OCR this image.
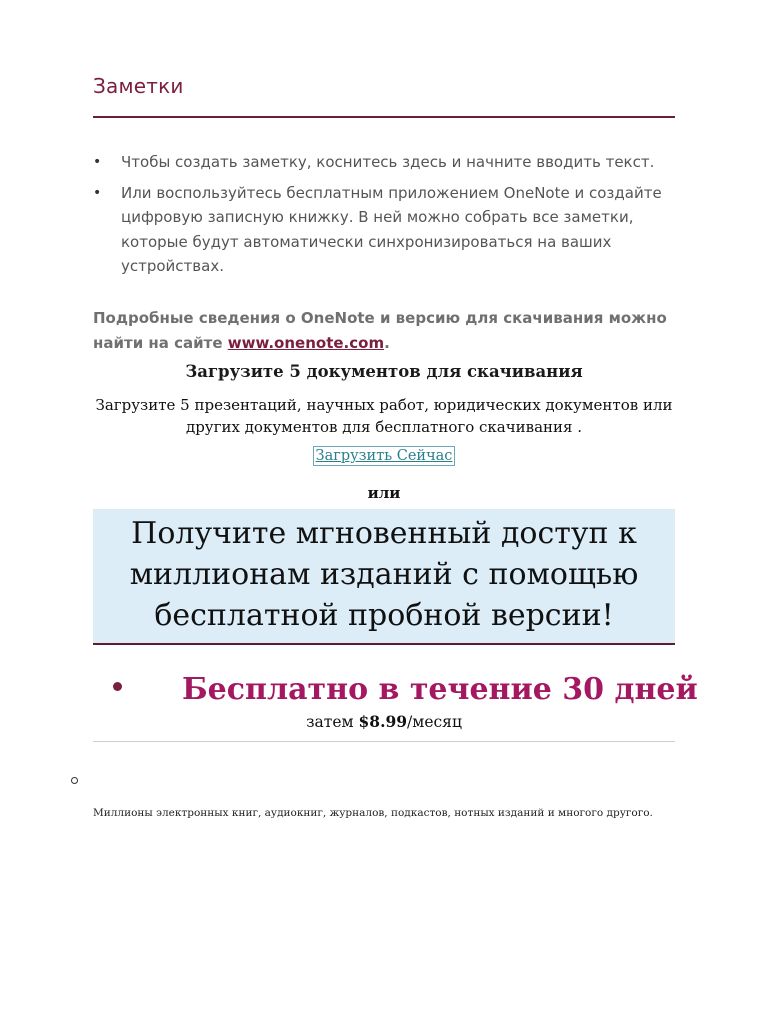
Заметки
• Чтобы создать заметку, коснитесь здесь и начните вводить текст.
• Или воспользуйтесь бесплатным приложением OneNote и создайте цифровую записную книжку. В ней можно собрать все заметки, которые будут автоматически синхронизироваться на ваших устройствах.
Подробные сведения о OneNote и версию для скачивания можно найти на сайте www.onenote.com.
Загрузите 5 документов для скачивания
Загрузите 5 презентаций, научных работ, юридических документов или других документов для бесплатного скачивания .
Загрузить Сейчас
или
Получите мгновенный доступ к миллионам изданий с помощью бесплатной пробной версии!
Бесплатно в течение 30 дней
затем $8.99/месяц
Миллионы электронных книг, аудиокниг, журналов, подкастов, нотных изданий и многого другого.
